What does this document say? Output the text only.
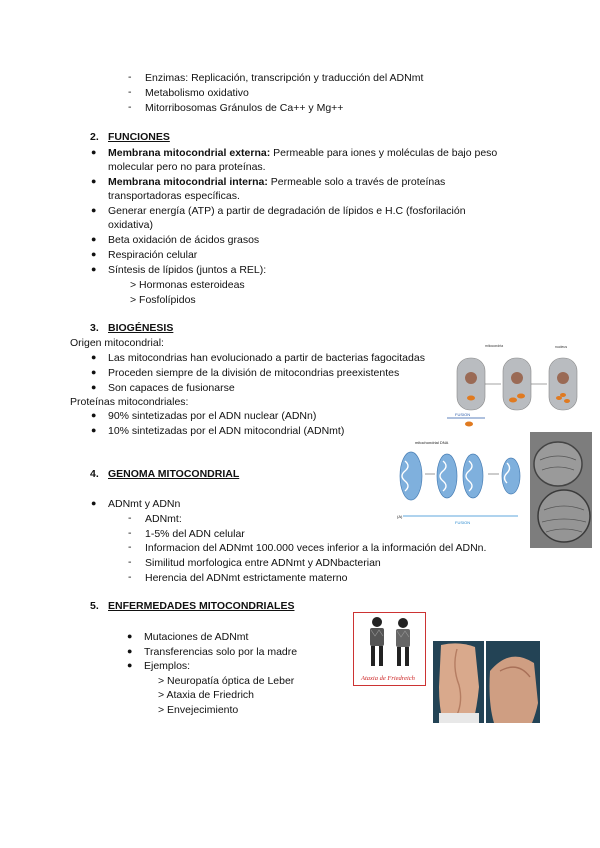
-	Enzimas: Replicación, transcripción y traducción del ADNmt
-	Metabolismo oxidativo
-	Mitorribosomas Gránulos de Ca++ y Mg++
2. FUNCIONES
● Membrana mitocondrial externa: Permeable para iones y moléculas de bajo peso
molecular pero no para proteínas.
● Membrana mitocondrial interna: Permeable solo a través de proteínas
transportadoras específicas.
● Generar energía (ATP) a partir de degradación de lípidos e H.C (fosforilación
oxidativa)
● Beta oxidación de ácidos grasos
● Respiración celular
● Síntesis de lípidos (juntos a REL):
> Hormonas esteroideas
> Fosfolípidos
3. BIOGÉNESIS
Origen mitocondrial:
● Las mitocondrias han evolucionado a partir de bacterias fagocitadas
● Proceden siempre de la división de mitocondrias preexistentes
● Son capaces de fusionarse
Proteínas mitocondriales:
● 90% sintetizadas por el ADN nuclear (ADNn)
● 10% sintetizadas por el ADN mitocondrial (ADNmt)
mitocondria	nucleus
FUSION
mitochondrial DNA
FUSION
(A)
4. GENOMA MITOCONDRIAL
● ADNmt y ADNn
-	ADNmt:
-	1-5% del ADN celular
-	Informacion del ADNmt 100.000 veces inferior a la información del ADNn.
-	Similitud morfologica entre ADNmt y ADNbacterian
-	Herencia del ADNmt estrictamente materno
5. ENFERMEDADES MITOCONDRIALES
● Mutaciones de ADNmt
● Transferencias solo por la madre
● Ejemplos:
> Neuropatía óptica de Leber
> Ataxia de Friedrich
> Envejecimiento
Ataxia de Friedreich
